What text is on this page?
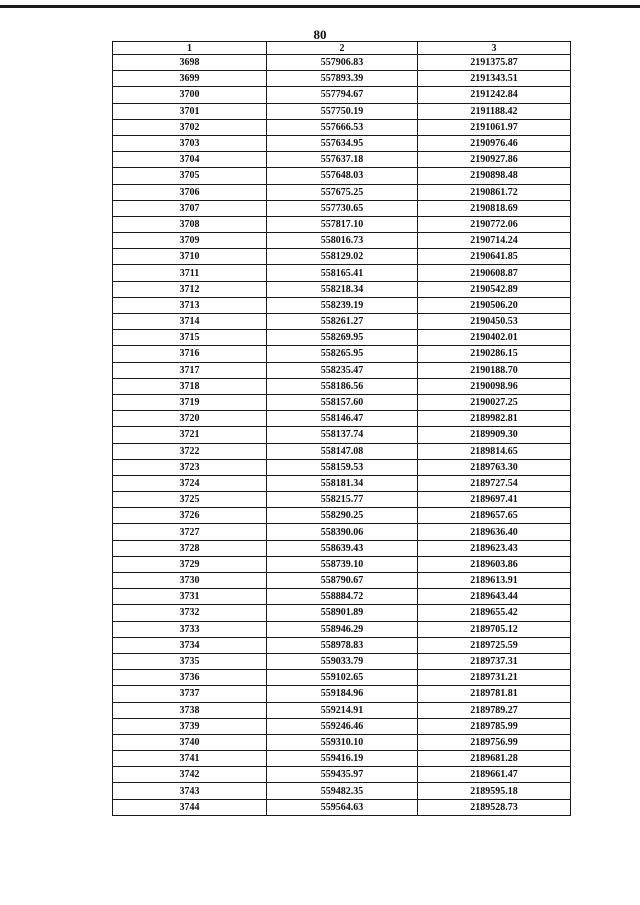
80
1	2	3
3698	557906.83	2191375.87
3699	557893.39	2191343.51
3700	557794.67	2191242.84
3701	557750.19	2191188.42
3702	557666.53	2191061.97
3703	557634.95	2190976.46
3704	557637.18	2190927.86
3705	557648.03	2190898.48
3706	557675.25	2190861.72
3707	557730.65	2190818.69
3708	557817.10	2190772.06
3709	558016.73	2190714.24
3710	558129.02	2190641.85
3711	558165.41	2190608.87
3712	558218.34	2190542.89
3713	558239.19	2190506.20
3714	558261.27	2190450.53
3715	558269.95	2190402.01
3716	558265.95	2190286.15
3717	558235.47	2190188.70
3718	558186.56	2190098.96
3719	558157.60	2190027.25
3720	558146.47	2189982.81
3721	558137.74	2189909.30
3722	558147.08	2189814.65
3723	558159.53	2189763.30
3724	558181.34	2189727.54
3725	558215.77	2189697.41
3726	558290.25	2189657.65
3727	558390.06	2189636.40
3728	558639.43	2189623.43
3729	558739.10	2189603.86
3730	558790.67	2189613.91
3731	558884.72	2189643.44
3732	558901.89	2189655.42
3733	558946.29	2189705.12
3734	558978.83	2189725.59
3735	559033.79	2189737.31
3736	559102.65	2189731.21
3737	559184.96	2189781.81
3738	559214.91	2189789.27
3739	559246.46	2189785.99
3740	559310.10	2189756.99
3741	559416.19	2189681.28
3742	559435.97	2189661.47
3743	559482.35	2189595.18
3744	559564.63	2189528.73
